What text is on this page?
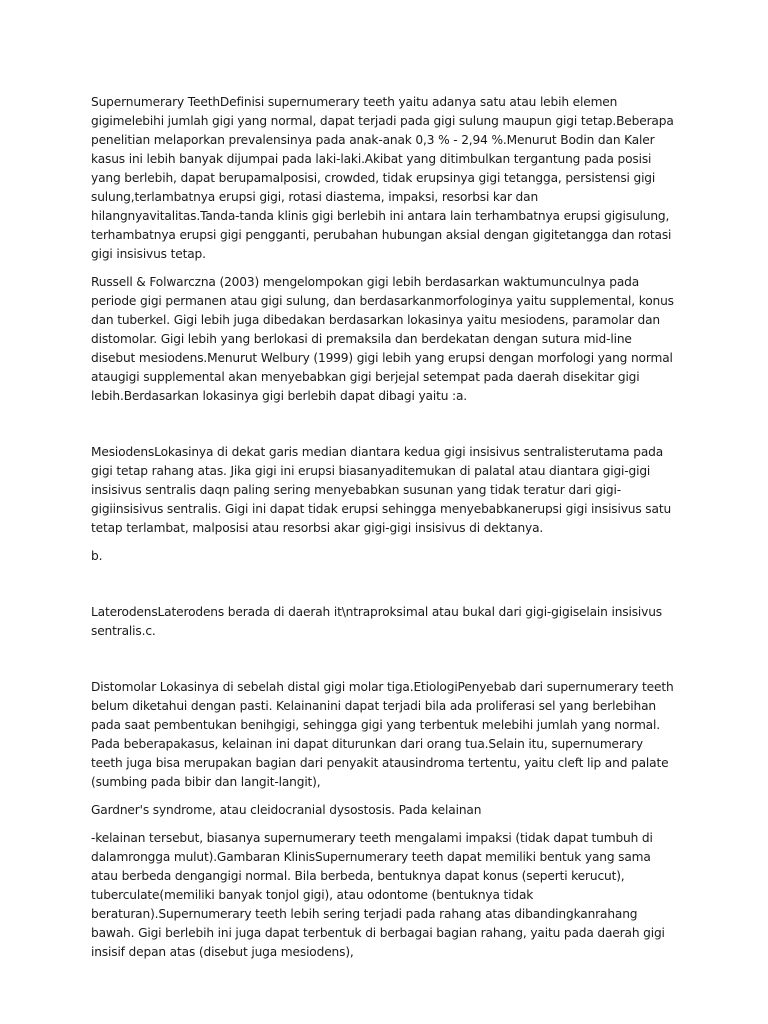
Supernumerary TeethDefinisi supernumerary teeth yaitu adanya satu atau lebih elemen gigimelebihi jumlah gigi yang normal, dapat terjadi pada gigi sulung maupun gigi tetap.Beberapa penelitian melaporkan prevalensinya pada anak-anak 0,3 % - 2,94 %.Menurut Bodin dan Kaler kasus ini lebih banyak dijumpai pada laki-laki.Akibat yang ditimbulkan tergantung pada posisi yang berlebih, dapat berupamalposisi, crowded, tidak erupsinya gigi tetangga, persistensi gigi sulung,terlambatnya erupsi gigi, rotasi diastema, impaksi, resorbsi kar dan hilangnyavitalitas.Tanda-tanda klinis gigi berlebih ini antara lain terhambatnya erupsi gigisulung, terhambatnya erupsi gigi pengganti, perubahan hubungan aksial dengan gigitetangga dan rotasi gigi insisivus tetap.

Russell & Folwarczna (2003) mengelompokan gigi lebih berdasarkan waktumunculnya pada periode gigi permanen atau gigi sulung, dan berdasarkanmorfologinya yaitu supplemental, konus dan tuberkel. Gigi lebih juga dibedakan berdasarkan lokasinya yaitu mesiodens, paramolar dan distomolar. Gigi lebih yang berlokasi di premaksila dan berdekatan dengan sutura mid-line disebut mesiodens.Menurut Welbury (1999) gigi lebih yang erupsi dengan morfologi yang normal ataugigi supplemental akan menyebabkan gigi berjejal setempat pada daerah disekitar gigi lebih.Berdasarkan lokasinya gigi berlebih dapat dibagi yaitu :a.

MesiodensLokasinya di dekat garis median diantara kedua gigi insisivus sentralisterutama pada gigi tetap rahang atas. Jika gigi ini erupsi biasanyaditemukan di palatal atau diantara gigi-gigi insisivus sentralis daqn paling sering menyebabkan susunan yang tidak teratur dari gigi-gigiinsisivus sentralis. Gigi ini dapat tidak erupsi sehingga menyebabkanerupsi gigi insisivus satu tetap terlambat, malposisi atau resorbsi akar gigi-gigi insisivus di dektanya.

b.

LaterodensLaterodens berada di daerah it\ntraproksimal atau bukal dari gigi-gigiselain insisivus sentralis.c.

Distomolar Lokasinya di sebelah distal gigi molar tiga.EtiologiPenyebab dari supernumerary teeth belum diketahui dengan pasti. Kelainanini dapat terjadi bila ada proliferasi sel yang berlebihan pada saat pembentukan benihgigi, sehingga gigi yang terbentuk melebihi jumlah yang normal. Pada beberapakasus, kelainan ini dapat diturunkan dari orang tua.Selain itu, supernumerary teeth juga bisa merupakan bagian dari penyakit atausindroma tertentu, yaitu cleft lip and palate (sumbing pada bibir dan langit-langit),

Gardner's syndrome, atau cleidocranial dysostosis. Pada kelainan

-kelainan tersebut, biasanya supernumerary teeth mengalami impaksi (tidak dapat tumbuh di dalamrongga mulut).Gambaran KlinisSupernumerary teeth dapat memiliki bentuk yang sama atau berbeda dengangigi normal. Bila berbeda, bentuknya dapat konus (seperti kerucut), tuberculate(memiliki banyak tonjol gigi), atau odontome (bentuknya tidak beraturan).Supernumerary teeth lebih sering terjadi pada rahang atas dibandingkanrahang bawah. Gigi berlebih ini juga dapat terbentuk di berbagai bagian rahang, yaitu pada daerah gigi insisif depan atas (disebut juga mesiodens),
